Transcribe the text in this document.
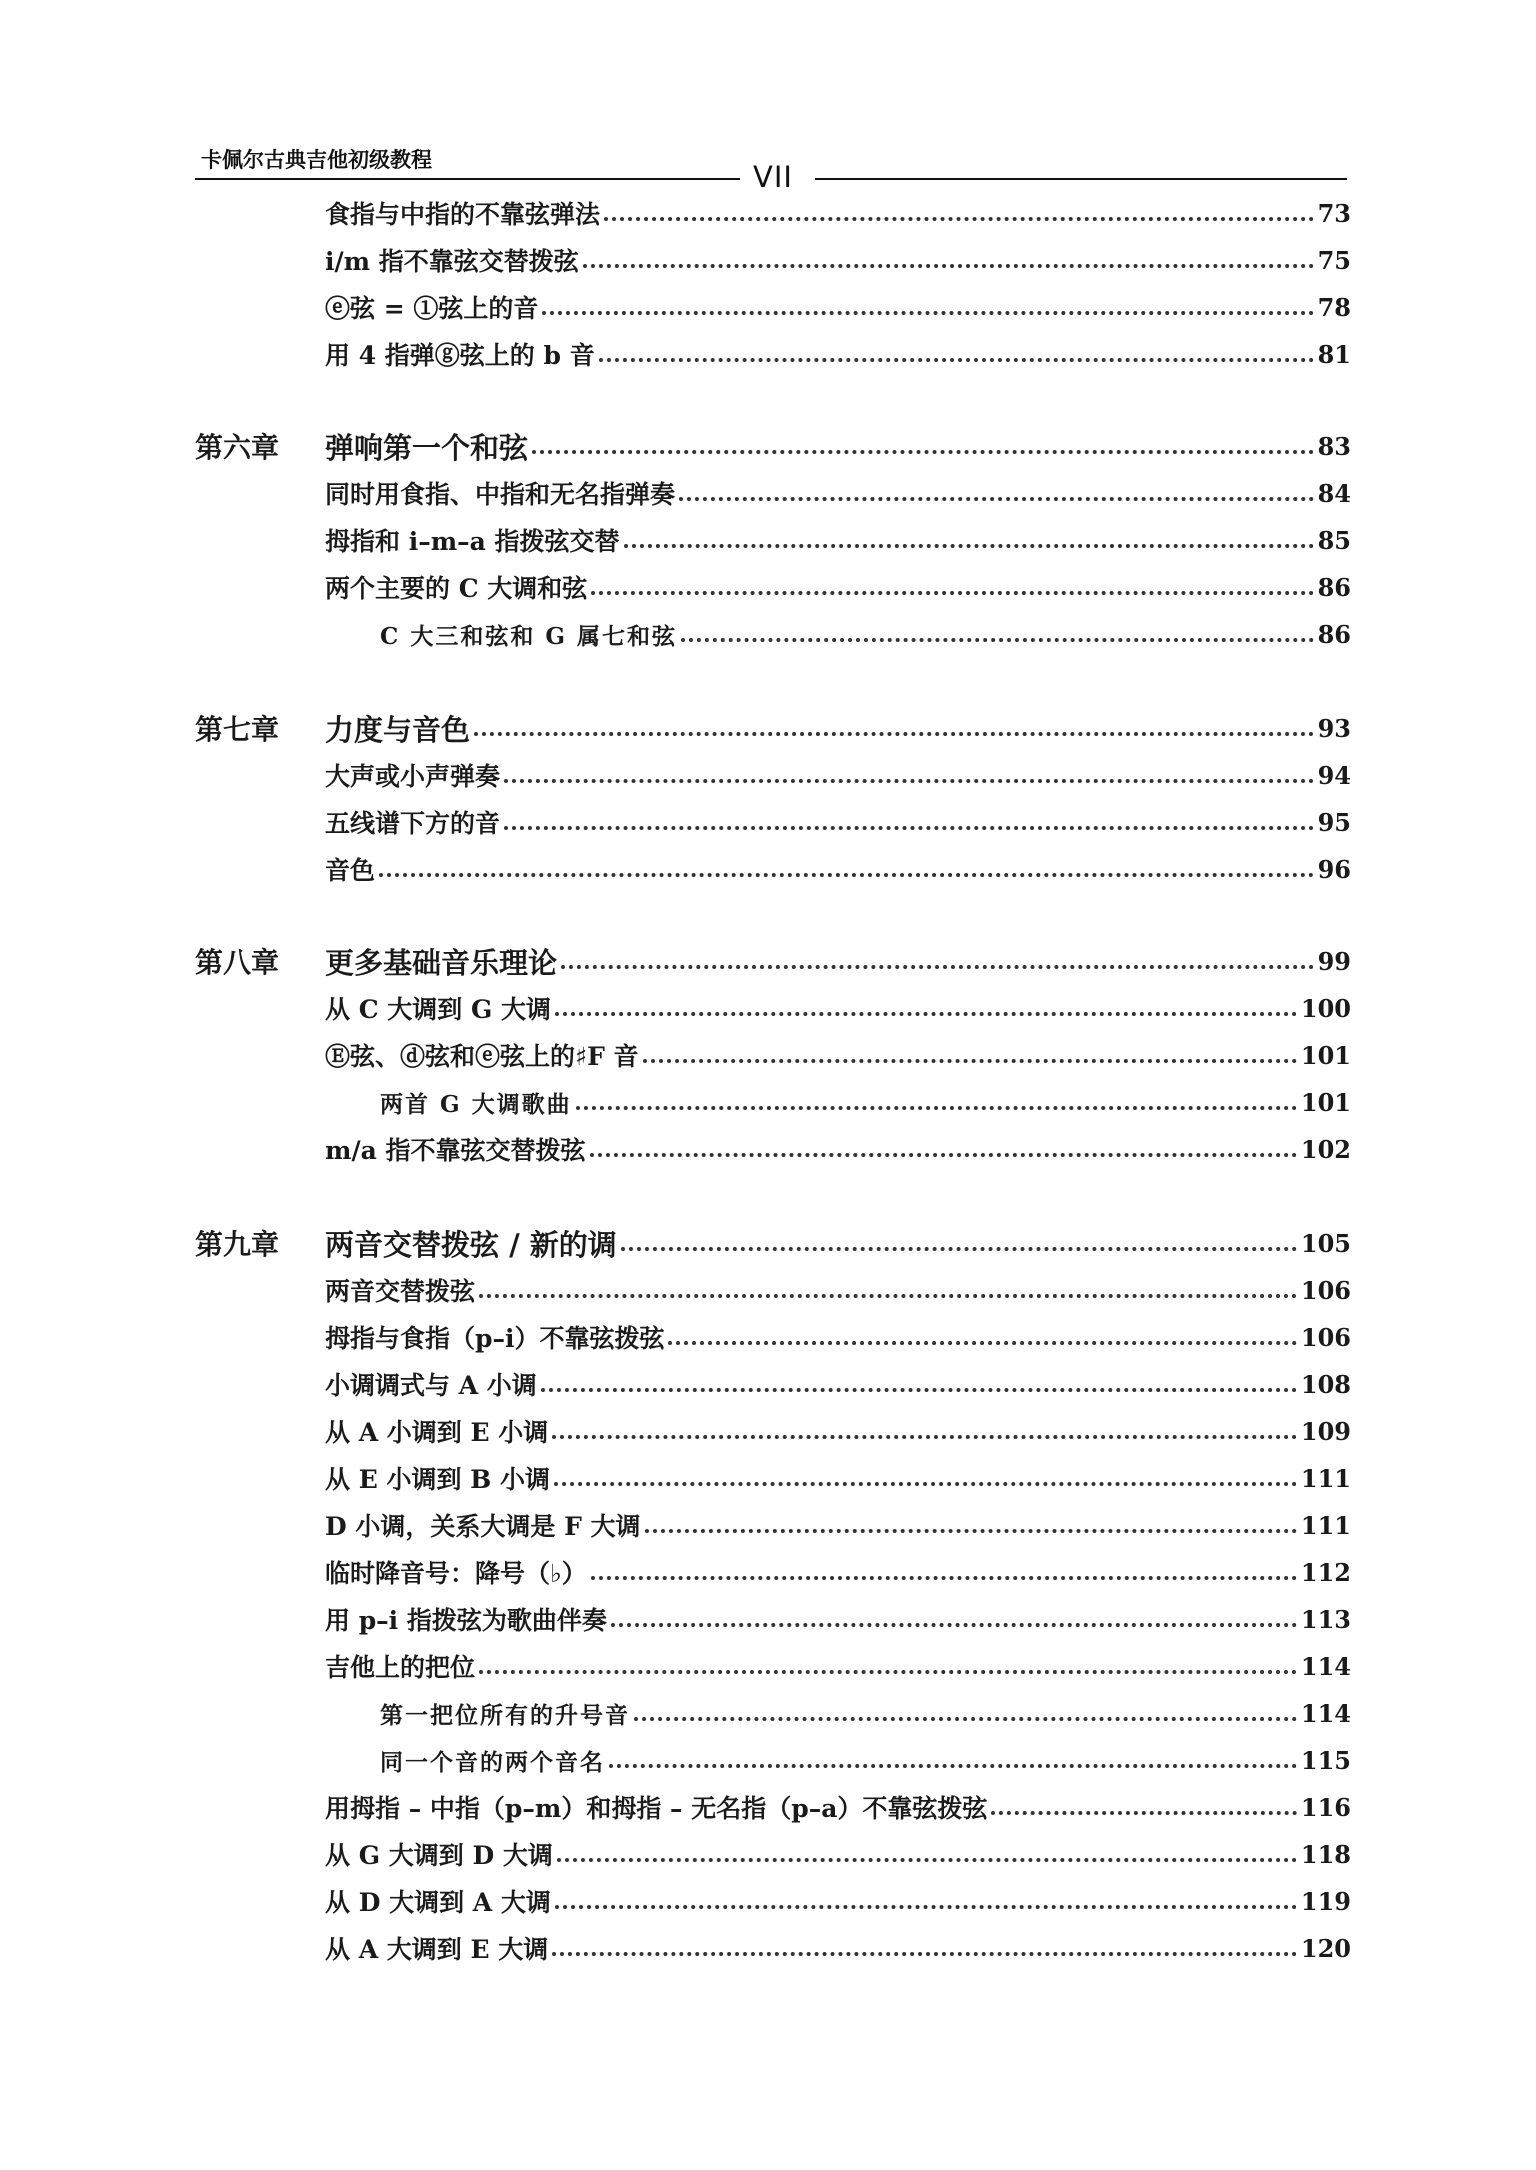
卡佩尔古典吉他初级教程	VII
食指与中指的不靠弦弹法	73
i/m 指不靠弦交替拨弦	75
ⓔ弦 = ①弦上的音	78
用 4 指弹ⓖ弦上的 b 音	81
第六章	弹响第一个和弦	83
同时用食指、中指和无名指弹奏	84
拇指和 i–m–a 指拨弦交替	85
两个主要的 C 大调和弦	86
C 大三和弦和 G 属七和弦	86
第七章	力度与音色	93
大声或小声弹奏	94
五线谱下方的音	95
音色	96
第八章	更多基础音乐理论	99
从 C 大调到 G 大调	100
Ⓔ弦、ⓓ弦和ⓔ弦上的♯F 音	101
两首 G 大调歌曲	101
m/a 指不靠弦交替拨弦	102
第九章	两音交替拨弦 / 新的调	105
两音交替拨弦	106
拇指与食指（p–i）不靠弦拨弦	106
小调调式与 A 小调	108
从 A 小调到 E 小调	109
从 E 小调到 B 小调	111
D 小调，关系大调是 F 大调	111
临时降音号：降号（♭）	112
用 p–i 指拨弦为歌曲伴奏	113
吉他上的把位	114
第一把位所有的升号音	114
同一个音的两个音名	115
用拇指 – 中指（p–m）和拇指 – 无名指（p–a）不靠弦拨弦	116
从 G 大调到 D 大调	118
从 D 大调到 A 大调	119
从 A 大调到 E 大调	120
